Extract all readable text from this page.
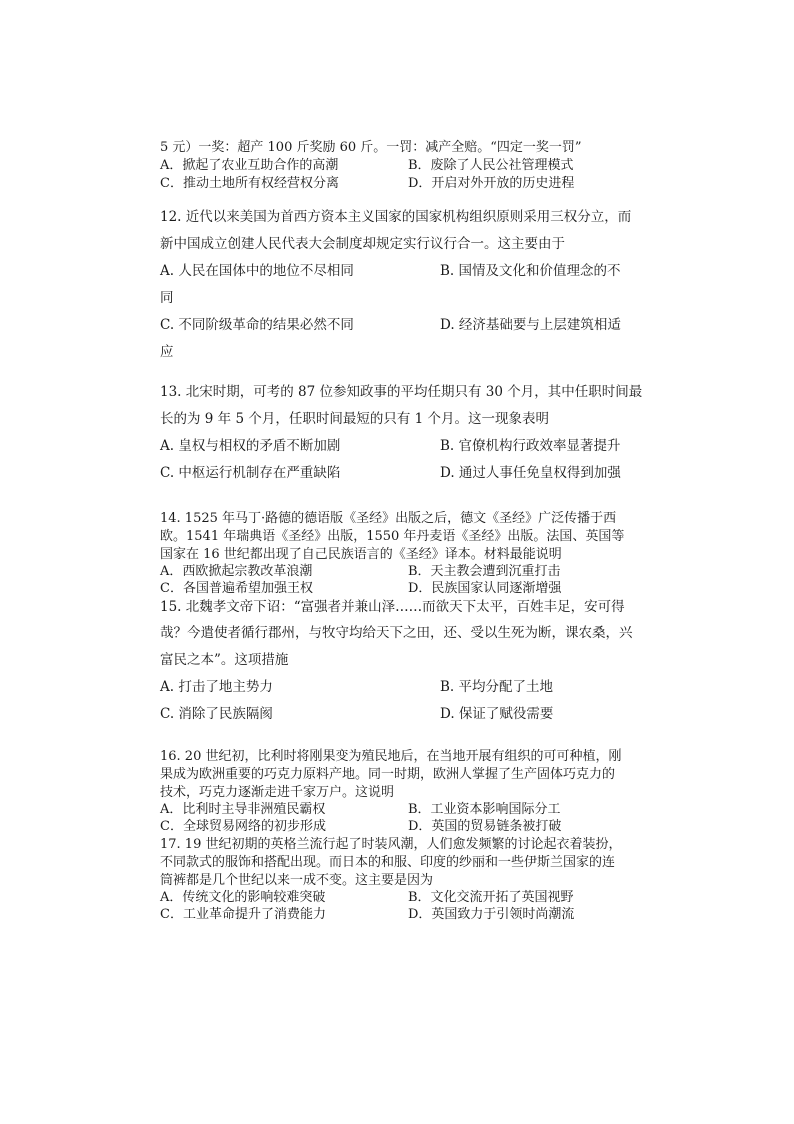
5 元）一奖：超产 100 斤奖励 60 斤。一罚：减产全赔。“四定一奖一罚”
A．掀起了农业互助合作的高潮	B．废除了人民公社管理模式
C．推动土地所有权经营权分离	D．开启对外开放的历史进程
12. 近代以来美国为首西方资本主义国家的国家机构组织原则采用三权分立，而
新中国成立创建人民代表大会制度却规定实行议行合一。这主要由于
A. 人民在国体中的地位不尽相同	B. 国情及文化和价值理念的不
同
C. 不同阶级革命的结果必然不同	D. 经济基础要与上层建筑相适
应
13. 北宋时期，可考的 87 位参知政事的平均任期只有 30 个月，其中任职时间最
长的为 9 年 5 个月，任职时间最短的只有 1 个月。这一现象表明
A. 皇权与相权的矛盾不断加剧	B. 官僚机构行政效率显著提升
C. 中枢运行机制存在严重缺陷	D. 通过人事任免皇权得到加强
14. 1525 年马丁·路德的德语版《圣经》出版之后，德文《圣经》广泛传播于西
欧。1541 年瑞典语《圣经》出版，1550 年丹麦语《圣经》出版。法国、英国等
国家在 16 世纪都出现了自己民族语言的《圣经》译本。材料最能说明
A．西欧掀起宗教改革浪潮	B．天主教会遭到沉重打击
C．各国普遍希望加强王权	D．民族国家认同逐渐增强
15. 北魏孝文帝下诏：“富强者并兼山泽……而欲天下太平，百姓丰足，安可得
哉？今遣使者循行郡州，与牧守均给天下之田，还、受以生死为断，课农桑，兴
富民之本”。这项措施
A. 打击了地主势力	B. 平均分配了土地
C. 消除了民族隔阂	D. 保证了赋役需要
16. 20 世纪初，比利时将刚果变为殖民地后，在当地开展有组织的可可种植，刚
果成为欧洲重要的巧克力原料产地。同一时期，欧洲人掌握了生产固体巧克力的
技术，巧克力逐渐走进千家万户。这说明
A．比利时主导非洲殖民霸权	B．工业资本影响国际分工
C．全球贸易网络的初步形成	D．英国的贸易链条被打破
17. 19 世纪初期的英格兰流行起了时装风潮，人们愈发频繁的讨论起衣着装扮，
不同款式的服饰和搭配出现。而日本的和服、印度的纱丽和一些伊斯兰国家的连
筒裤都是几个世纪以来一成不变。这主要是因为
A．传统文化的影响较难突破	B．文化交流开拓了英国视野
C．工业革命提升了消费能力	D．英国致力于引领时尚潮流
